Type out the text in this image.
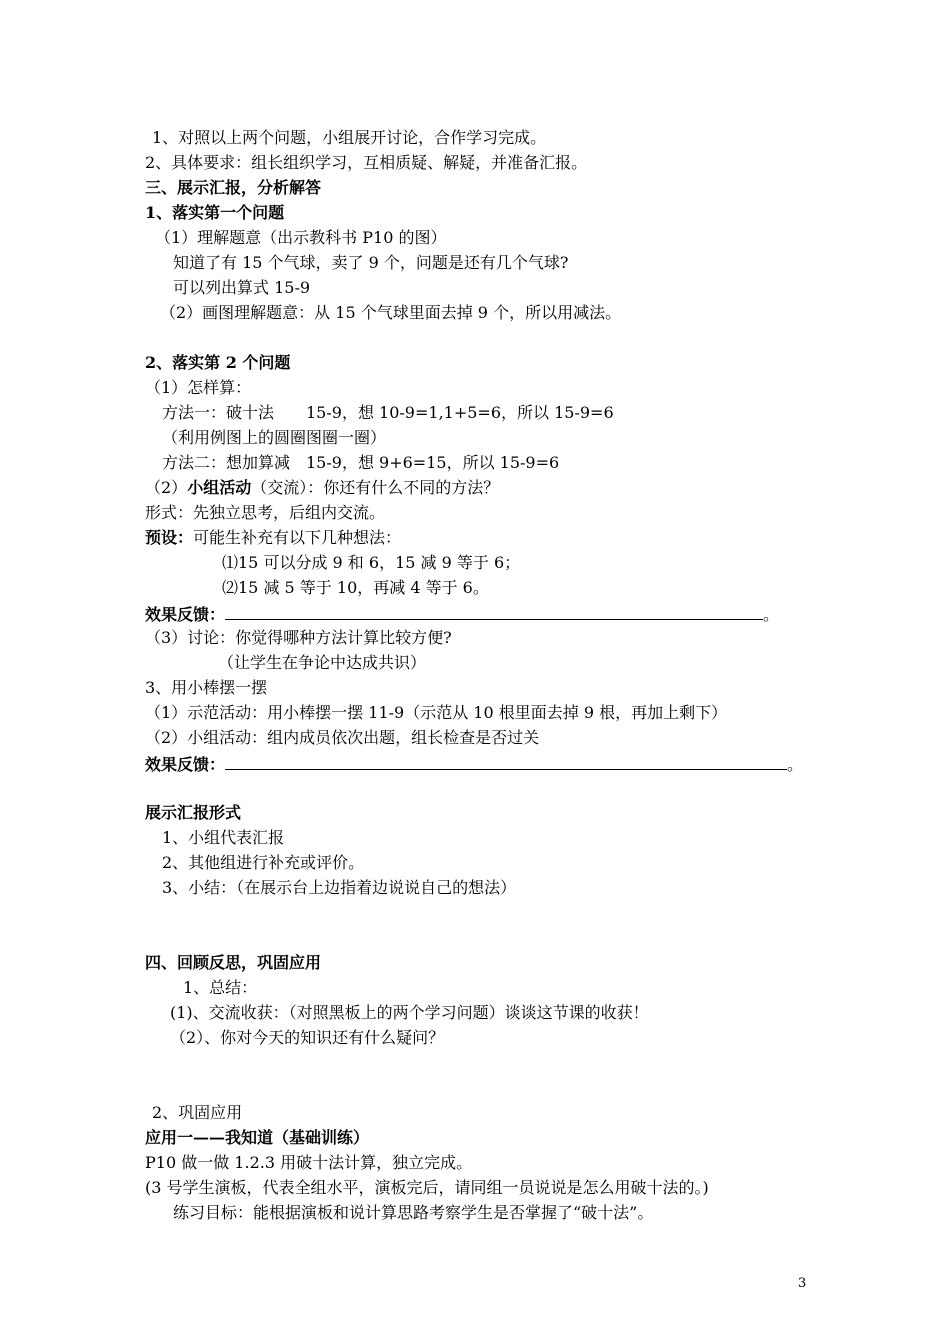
1、对照以上两个问题，小组展开讨论，合作学习完成。
2、具体要求：组长组织学习，互相质疑、解疑，并准备汇报。
三、展示汇报，分析解答
1、落实第一个问题
（1）理解题意（出示教科书 P10 的图）
知道了有 15 个气球，卖了 9 个，问题是还有几个气球?
可以列出算式 15-9
（2）画图理解题意：从 15 个气球里面去掉 9 个，所以用减法。
2、落实第 2 个问题
（1）怎样算：
方法一：破十法　　15-9，想 10-9=1,1+5=6，所以 15-9=6
（利用例图上的圆圈图圈一圈）
方法二：想加算减　15-9，想 9+6=15，所以 15-9=6
（2）小组活动（交流）：你还有什么不同的方法？
形式：先独立思考，后组内交流。
预设：可能生补充有以下几种想法：
⑴15 可以分成 9 和 6，15 减 9 等于 6；
⑵15 减 5 等于 10，再减 4 等于 6。
效果反馈：	。
（3）讨论：你觉得哪种方法计算比较方便?
（让学生在争论中达成共识）
3、用小棒摆一摆
（1）示范活动：用小棒摆一摆 11-9（示范从 10 根里面去掉 9 根，再加上剩下）
（2）小组活动：组内成员依次出题，组长检查是否过关
效果反馈：	。
展示汇报形式
1、小组代表汇报
2、其他组进行补充或评价。
3、小结：（在展示台上边指着边说说自己的想法）
四、回顾反思，巩固应用
1、总结：
(1)、交流收获：（对照黑板上的两个学习问题）谈谈这节课的收获！
（2）、你对今天的知识还有什么疑问？
2、巩固应用
应用一——我知道（基础训练）
P10 做一做 1.2.3 用破十法计算，独立完成。
(3 号学生演板，代表全组水平，演板完后，请同组一员说说是怎么用破十法的。)
练习目标：能根据演板和说计算思路考察学生是否掌握了“破十法”。
3
